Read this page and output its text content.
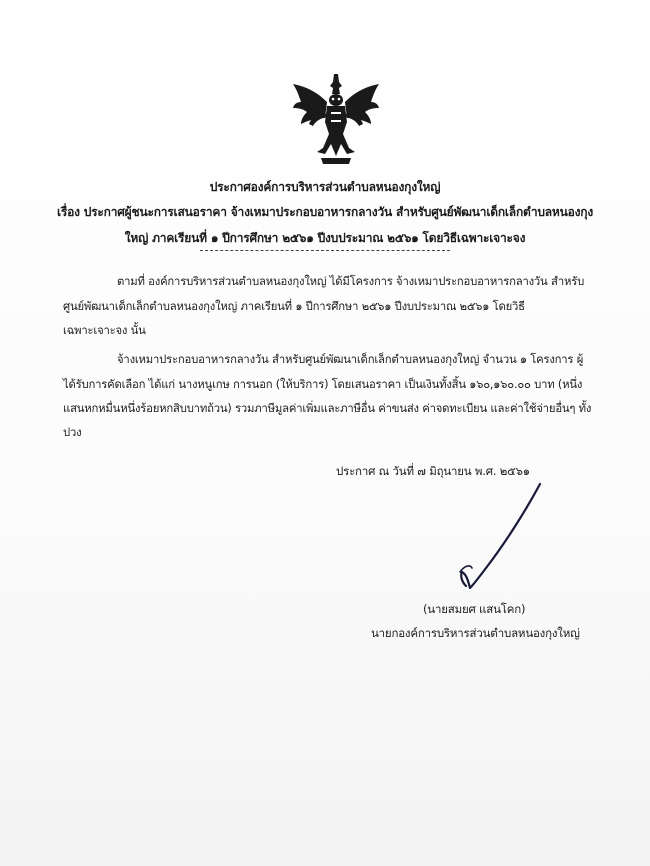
ประกาศองค์การบริหารส่วนตำบลหนองกุงใหญ่
เรื่อง ประกาศผู้ชนะการเสนอราคา จ้างเหมาประกอบอาหารกลางวัน สำหรับศูนย์พัฒนาเด็กเล็กตำบลหนองกุง
ใหญ่ ภาคเรียนที่ ๑ ปีการศึกษา ๒๕๖๑ ปีงบประมาณ ๒๕๖๑ โดยวิธีเฉพาะเจาะจง
ตามที่ องค์การบริหารส่วนตำบลหนองกุงใหญ่ ได้มีโครงการ จ้างเหมาประกอบอาหารกลางวัน สำหรับ
ศูนย์พัฒนาเด็กเล็กตำบลหนองกุงใหญ่ ภาคเรียนที่ ๑ ปีการศึกษา ๒๕๖๑ ปีงบประมาณ ๒๕๖๑ โดยวิธี
เฉพาะเจาะจง นั้น
จ้างเหมาประกอบอาหารกลางวัน สำหรับศูนย์พัฒนาเด็กเล็กตำบลหนองกุงใหญ่ จำนวน ๑ โครงการ ผู้
ได้รับการคัดเลือก ได้แก่ นางหนูเกษ การนอก (ให้บริการ) โดยเสนอราคา เป็นเงินทั้งสิ้น ๑๖๐,๑๖๐.๐๐ บาท (หนึ่ง
แสนหกหมื่นหนึ่งร้อยหกสิบบาทถ้วน) รวมภาษีมูลค่าเพิ่มและภาษีอื่น ค่าขนส่ง ค่าจดทะเบียน และค่าใช้จ่ายอื่นๆ ทั้ง
ปวง
ประกาศ ณ วันที่ ๗ มิถุนายน พ.ศ. ๒๕๖๑
(นายสมยศ แสนโคก)
นายกองค์การบริหารส่วนตำบลหนองกุงใหญ่
